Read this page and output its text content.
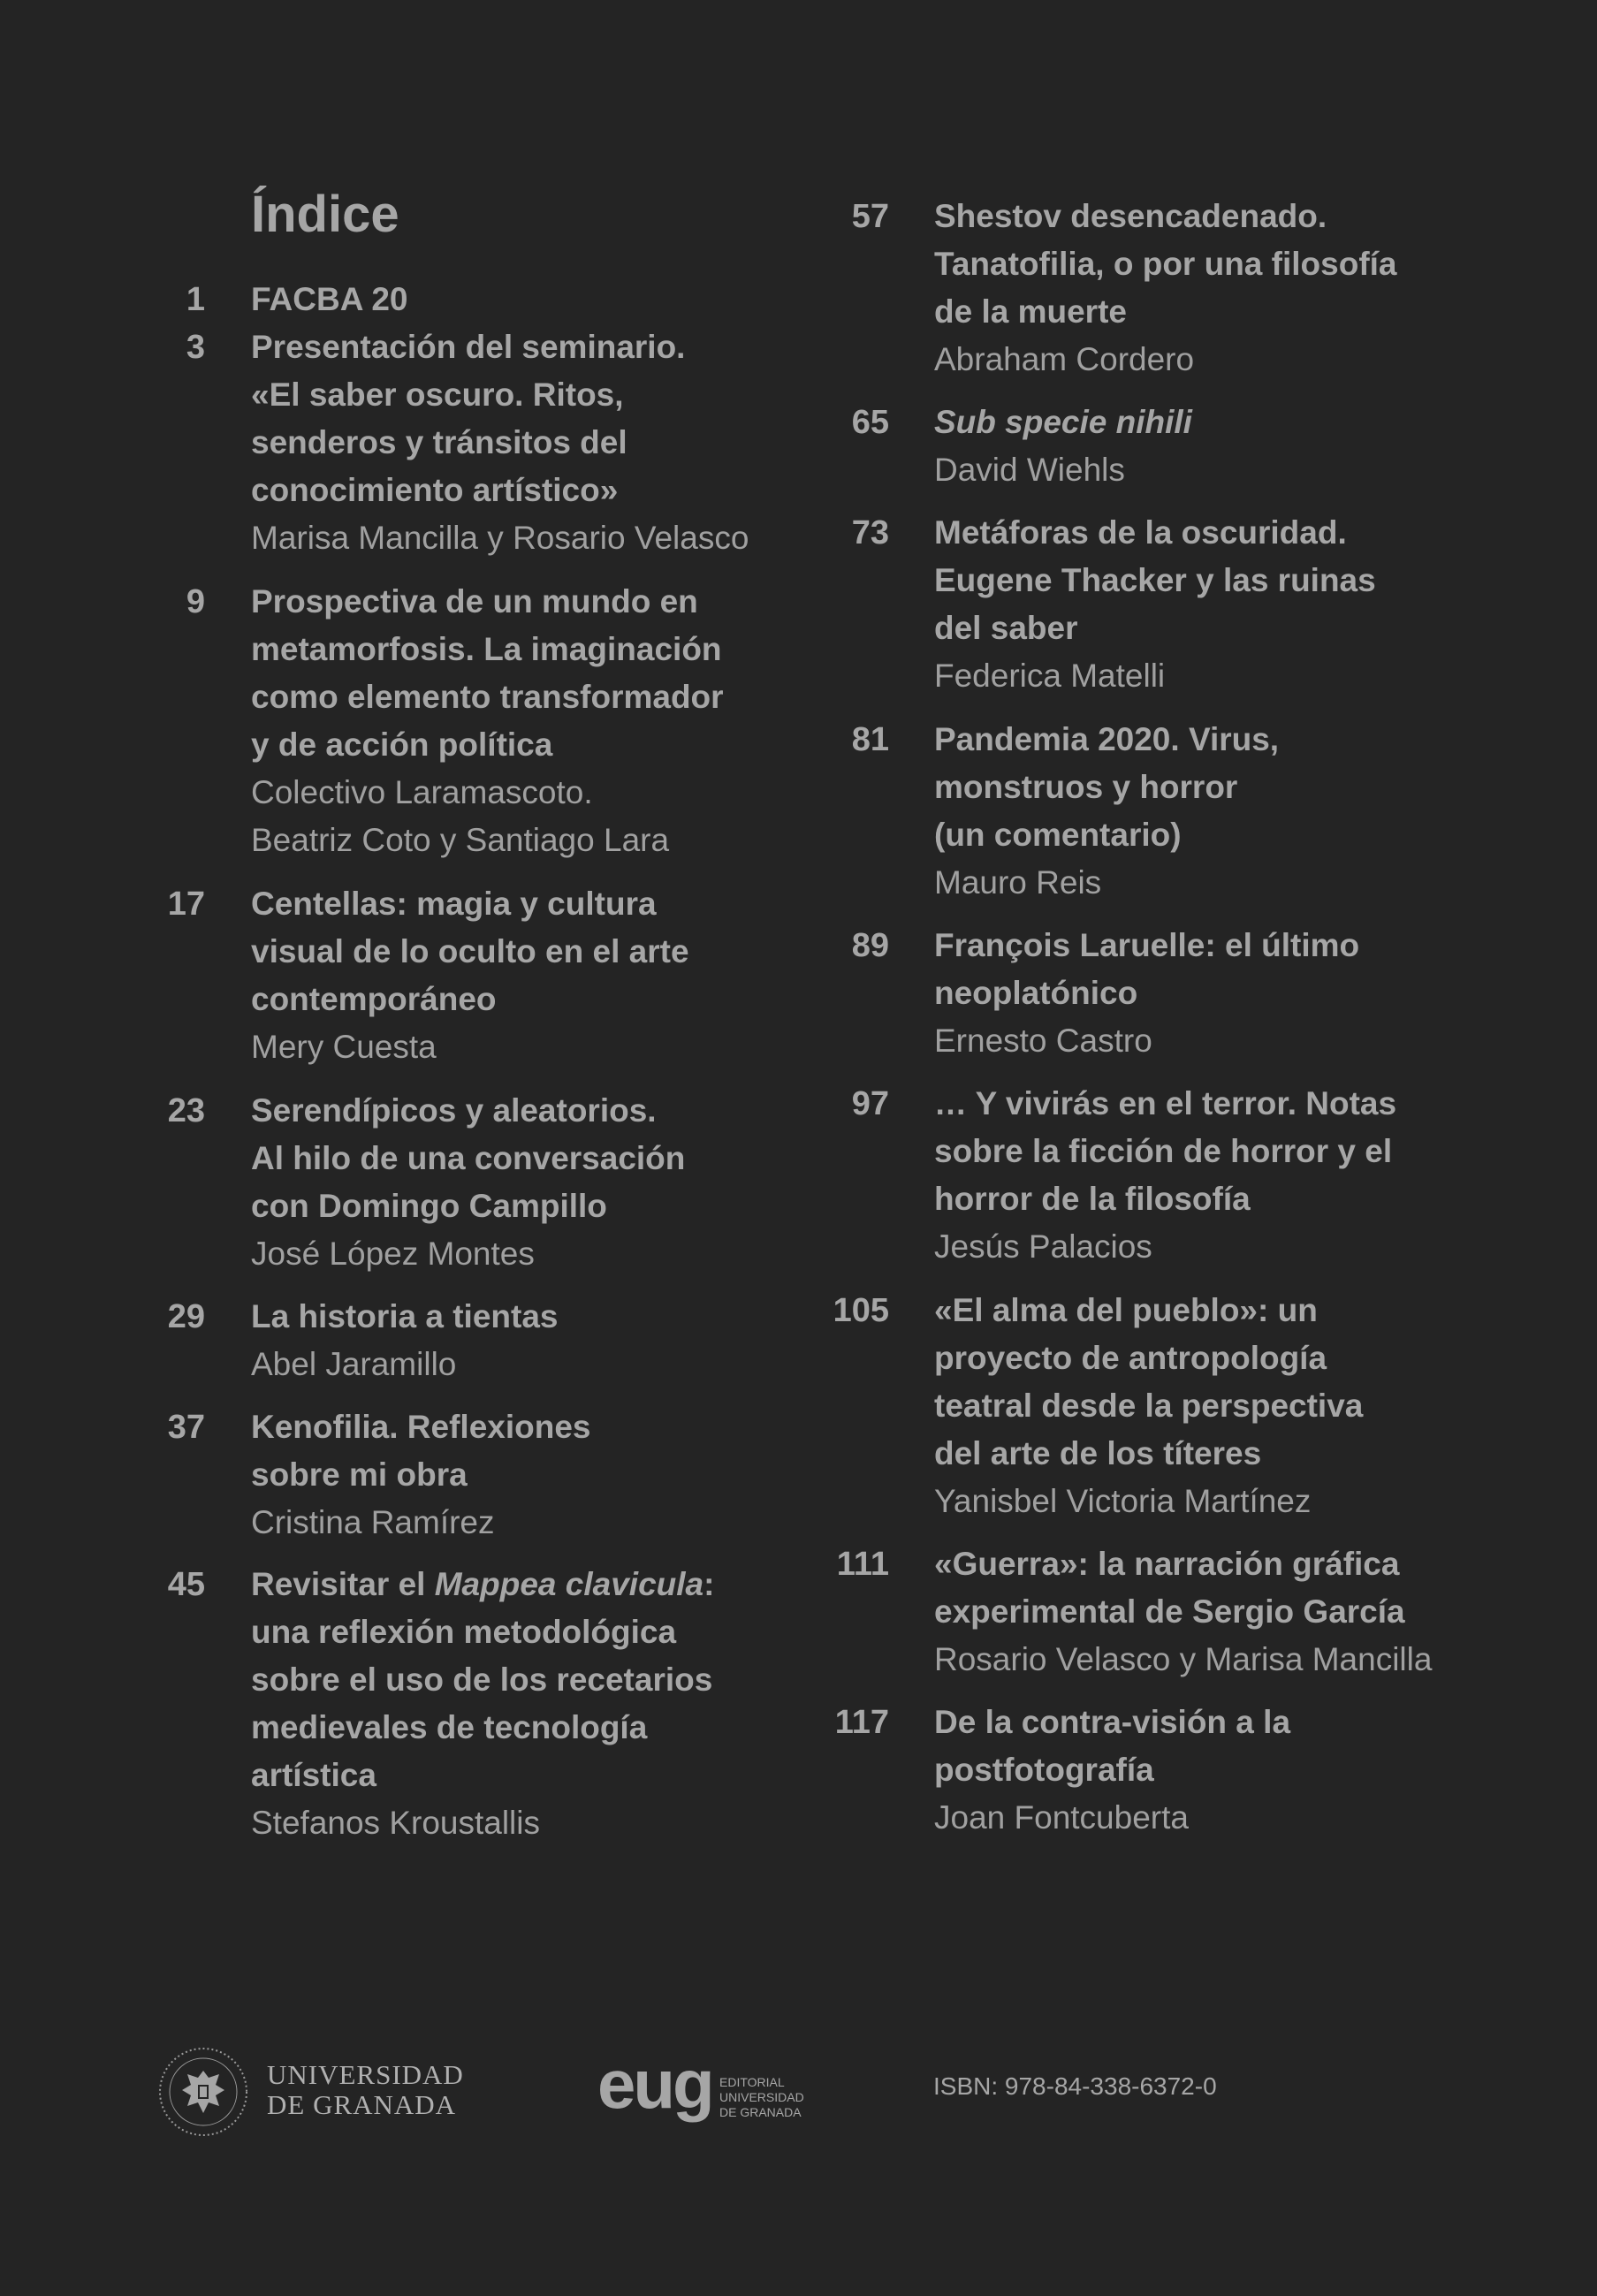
Índice
1 FACBA 20
3 Presentación del seminario.
«El saber oscuro. Ritos,
senderos y tránsitos del
conocimiento artístico»
Marisa Mancilla y Rosario Velasco
9 Prospectiva de un mundo en
metamorfosis. La imaginación
como elemento transformador
y de acción política
Colectivo Laramascoto.
Beatriz Coto y Santiago Lara
17 Centellas: magia y cultura
visual de lo oculto en el arte
contemporáneo
Mery Cuesta
23 Serendípicos y aleatorios.
Al hilo de una conversación
con Domingo Campillo
José López Montes
29 La historia a tientas
Abel Jaramillo
37 Kenofilia. Reflexiones
sobre mi obra
Cristina Ramírez
45 Revisitar el Mappea clavicula:
una reflexión metodológica
sobre el uso de los recetarios
medievales de tecnología
artística
Stefanos Kroustallis
57 Shestov desencadenado.
Tanatofilia, o por una filosofía
de la muerte
Abraham Cordero
65 Sub specie nihili
David Wiehls
73 Metáforas de la oscuridad.
Eugene Thacker y las ruinas
del saber
Federica Matelli
81 Pandemia 2020. Virus,
monstruos y horror
(un comentario)
Mauro Reis
89 François Laruelle: el último
neoplatónico
Ernesto Castro
97 … Y vivirás en el terror. Notas
sobre la ficción de horror y el
horror de la filosofía
Jesús Palacios
105 «El alma del pueblo»: un
proyecto de antropología
teatral desde la perspectiva
del arte de los títeres
Yanisbel Victoria Martínez
111 «Guerra»: la narración gráfica
experimental de Sergio García
Rosario Velasco y Marisa Mancilla
117 De la contra-visión a la
postfotografía
Joan Fontcuberta
UNIVERSIDAD
DE GRANADA eug EDITORIAL
UNIVERSIDAD
DE GRANADA
ISBN: 978-84-338-6372-0
